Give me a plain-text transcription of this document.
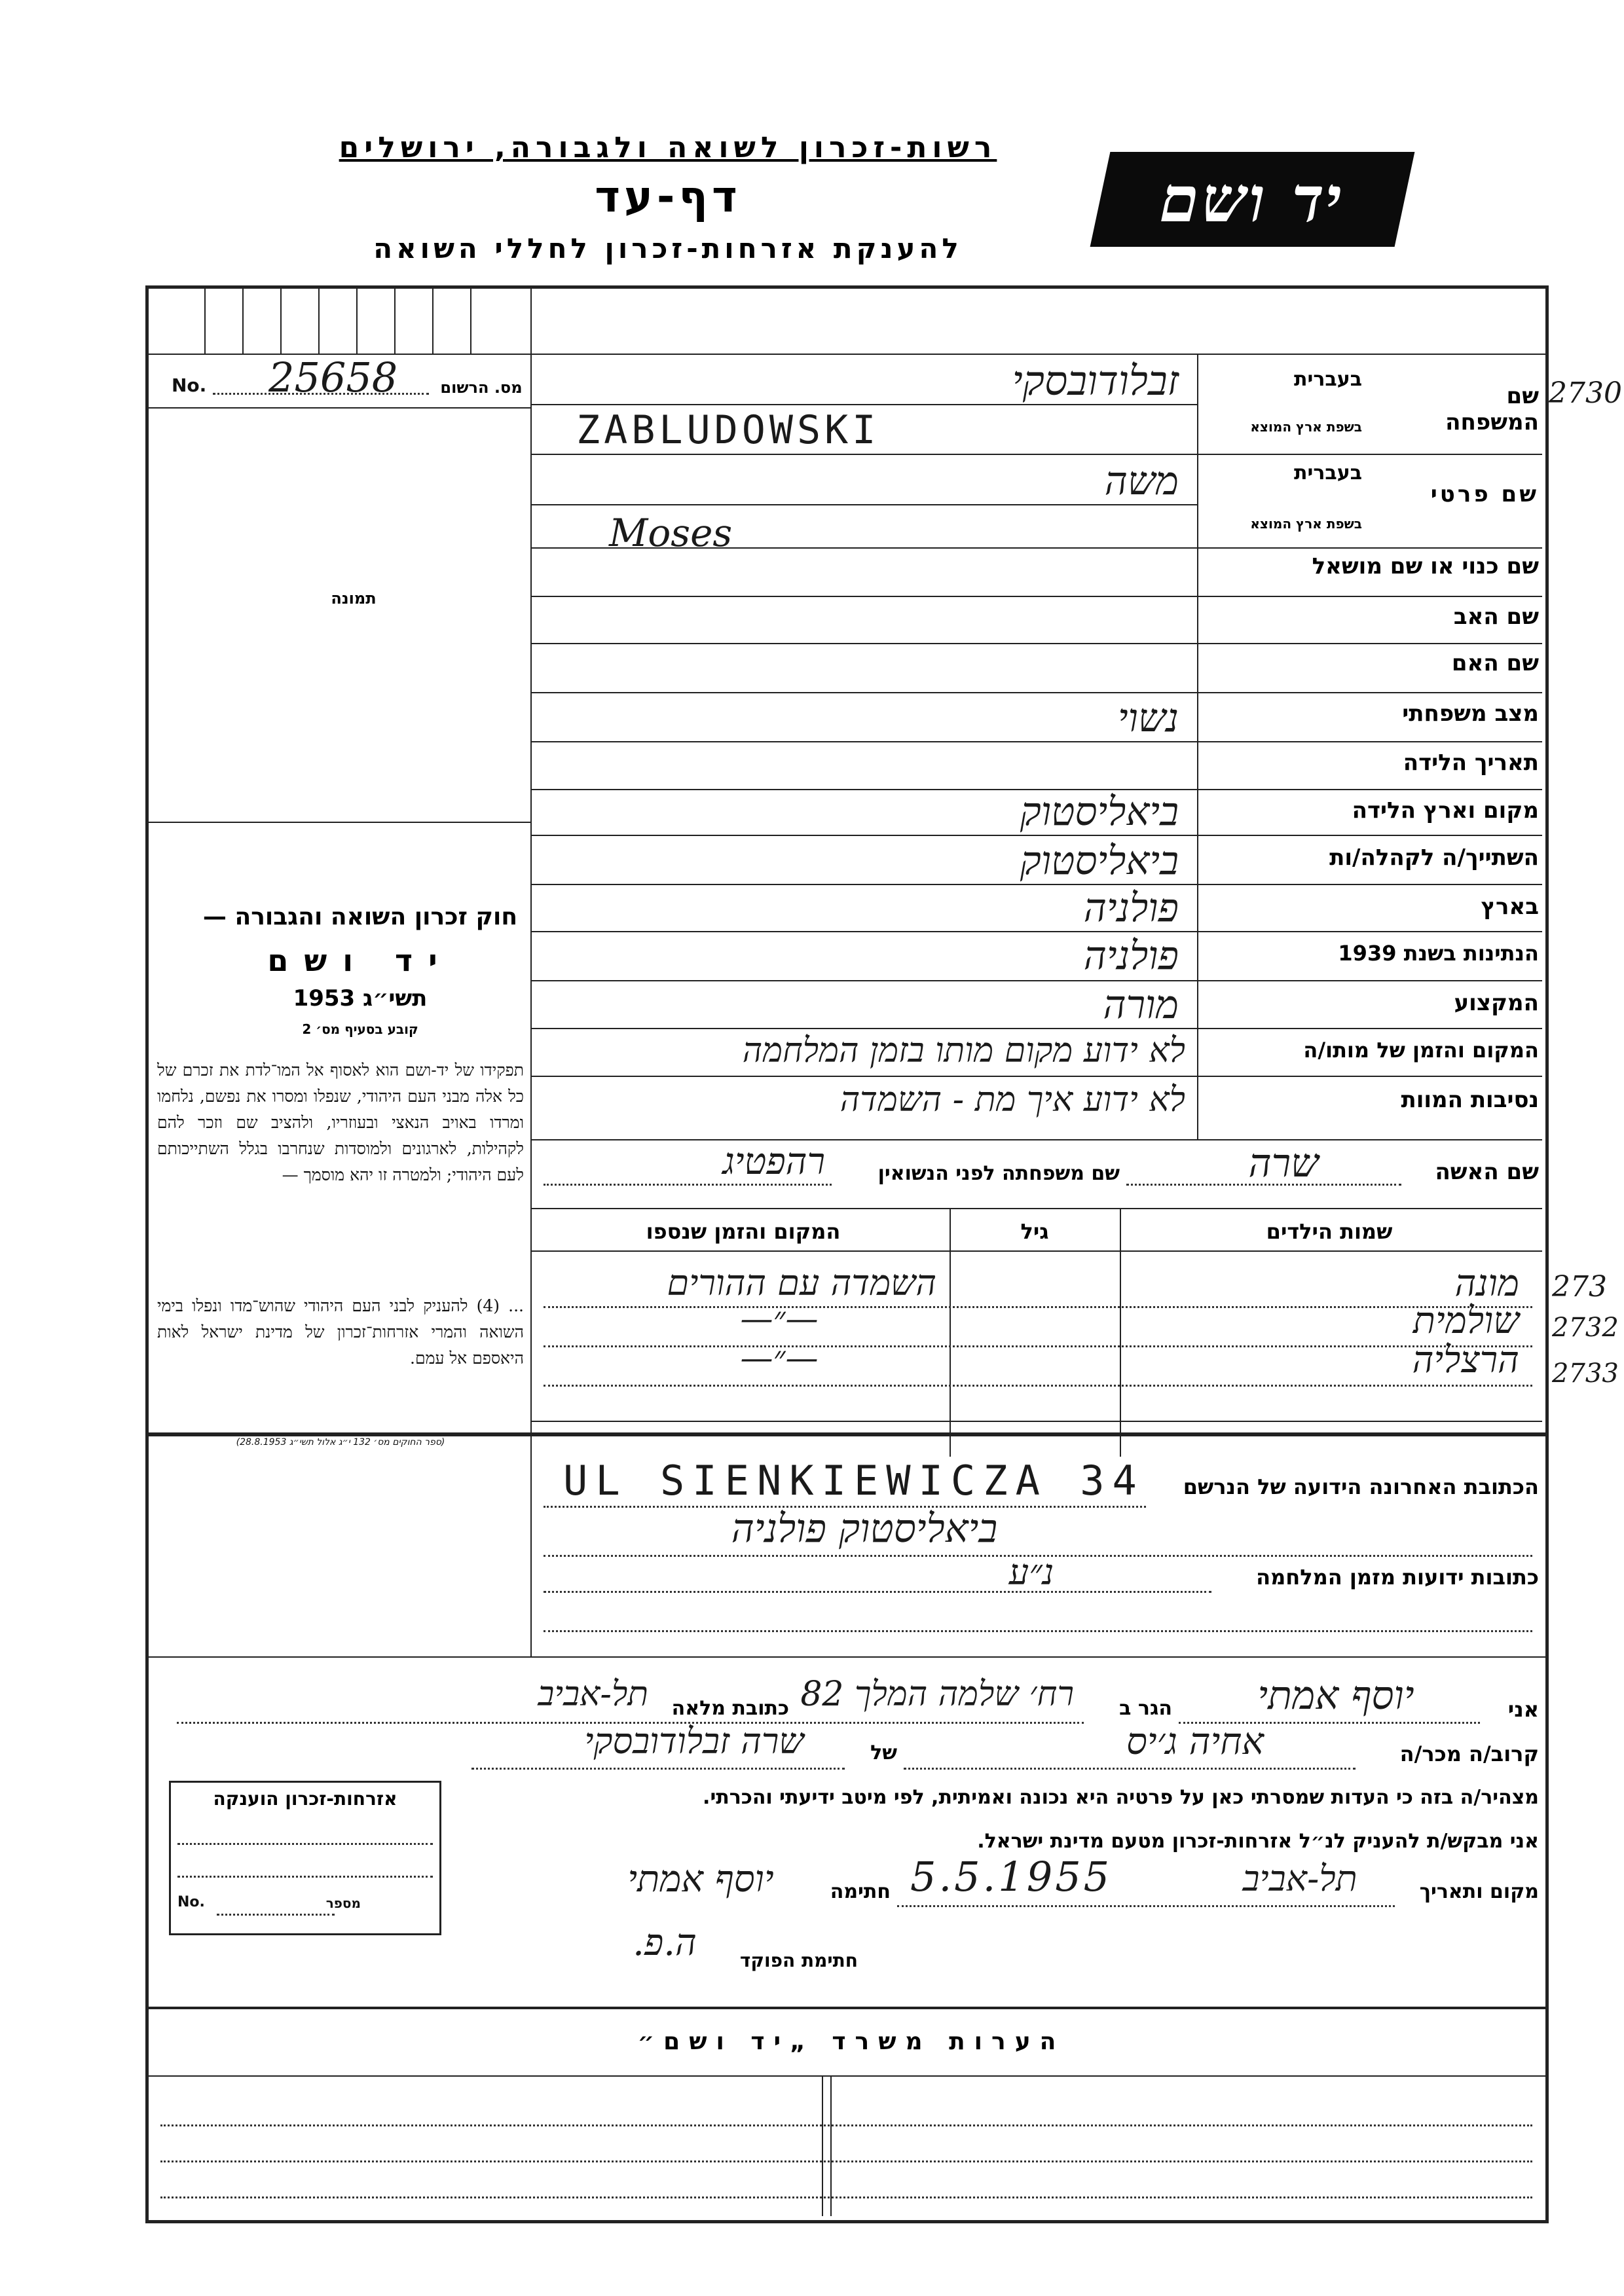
רשות-זכרון לשואה ולגבורה, ירושלים
דף-עד
להענקת אזרחות-זכרון לחללי השואה
יד ושם
No. 25658	מס. הרשום
תמונה
שם המשפחה
בעברית
בשפת ארץ המוצא
זבלודובסקי
ZABLUDOWSKI
שם פרטי
בעברית
בשפת ארץ המוצא
משה
Moses
שם כנוי או שם מושאל
שם האב
שם האם
מצב משפחתי
נשוי
תאריך הלידה
מקום וארץ הלידה
ביאליסטוק
השתייך/ה לקהלה/ות
ביאליסטוק
בארץ
פולניה
הנתינות בשנת 1939
פולניה
המקצוע
מורה
המקום והזמן של מותו/ה
לא ידוע מקום מותו בזמן המלחמה
נסיבות המוות
לא ידוע איך מת - השמדה
שם האשה
שרה
שם משפחתה לפני הנשואין
רהפטיג
שמות הילדים
גיל
המקום והזמן שנספו
מונה
השמדה עם ההורים
שולמית
—״—
הרצליה
—״—
2730
273
2732
2733
חוק זכרון השואה והגבורה —
יד ושם
תשי״ג 1953
קובע בסעיף מס׳ 2
תפקידו של יד-ושם הוא לאסוף אל המו־לדת את זכרם של כל אלה מבני העם היהודי, שנפלו ומסרו את נפשם, נלחמו ומרדו באויב הנאצי ובעוזריו, ולהציב שם וזכר להם לקהילות, לארגונים ולמוסדות שנחרבו בגלל השתייכותם לעם היהודי; ולמטרה זו יהא מוסמך —
... (4) להעניק לבני העם היהודי שהוש־מדו ונפלו בימי השואה והמרי אזרחות־זכרון של מדינת ישראל לאות היאספם אל עמם.
(ספר החוקים מס׳ 132 י״ג אלול תשי״ג 28.8.1953)
הכתובת האחרונה הידועה של הנרשם
UL SIENKIEWICZA 34
ביאליסטוק פולניה
כתובות ידועות מזמן המלחמה
נ״ע
אני
יוסף אמתי
הגר ב
רח׳ שלמה המלך 82
כתובת מלאה
תל-אביב
קרוב/ה מכר/ה
אחיה ג׳יס
של
שרה זבלודובסקי
מצהיר/ה בזה כי העדות שמסרתי כאן על פרטיה היא נכונה ואמיתית, לפי מיטב ידיעתי והכרתי.
אני מבקש/ת להעניק לנ״ל אזרחות-זכרון מטעם מדינת ישראל.
מקום ותאריך
תל-אביב
5.5.1955
חתימה
יוסף אמתי
חתימת הפוקד
ה.פ.
אזרחות-זכרון הוענקה
No.	מספר
הערות משרד „יד ושם״
